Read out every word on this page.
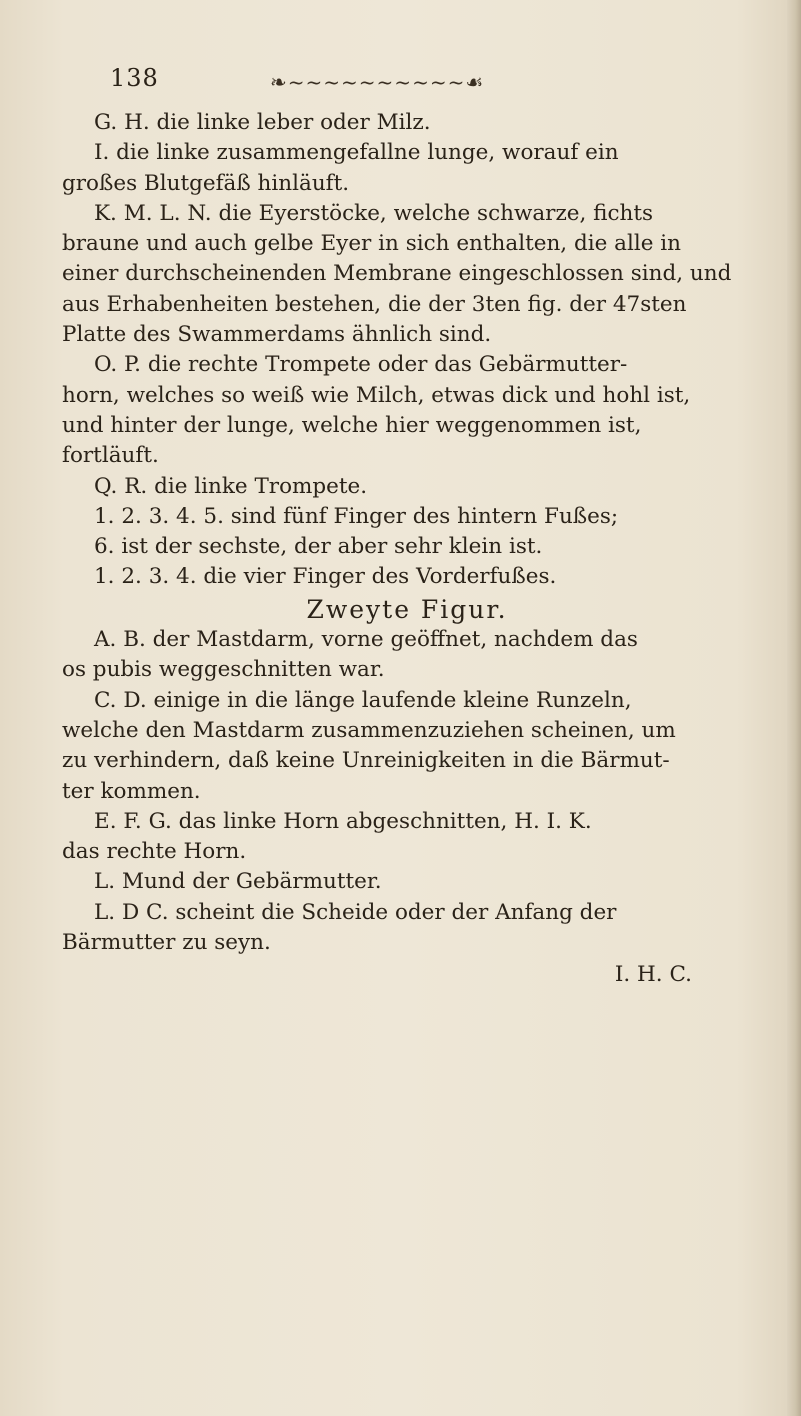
138	❧~~~~~~~~~~☙
G. H. die linke leber oder Milz.
I. die linke zusammengefallne lunge, worauf ein
großes Blutgefäß hinläuft.
K. M. L. N. die Eyerstöcke, welche schwarze, fichts
braune und auch gelbe Eyer in sich enthalten, die alle in
einer durchscheinenden Membrane eingeschlossen sind, und
aus Erhabenheiten bestehen, die der 3ten fig. der 47sten
Platte des Swammerdams ähnlich sind.
O. P. die rechte Trompete oder das Gebärmutter-
horn, welches so weiß wie Milch, etwas dick und hohl ist,
und hinter der lunge, welche hier weggenommen ist,
fortläuft.
Q. R. die linke Trompete.
1. 2. 3. 4. 5. sind fünf Finger des hintern Fußes;
6. ist der sechste, der aber sehr klein ist.
1. 2. 3. 4. die vier Finger des Vorderfußes.
Zweyte Figur.
A. B. der Mastdarm, vorne geöffnet, nachdem das
os pubis weggeschnitten war.
C. D. einige in die länge laufende kleine Runzeln,
welche den Mastdarm zusammenzuziehen scheinen, um
zu verhindern, daß keine Unreinigkeiten in die Bärmut-
ter kommen.
E. F. G. das linke Horn abgeschnitten, H. I. K.
das rechte Horn.
L. Mund der Gebärmutter.
L. D C. scheint die Scheide oder der Anfang der
Bärmutter zu seyn.
I. H. C.
